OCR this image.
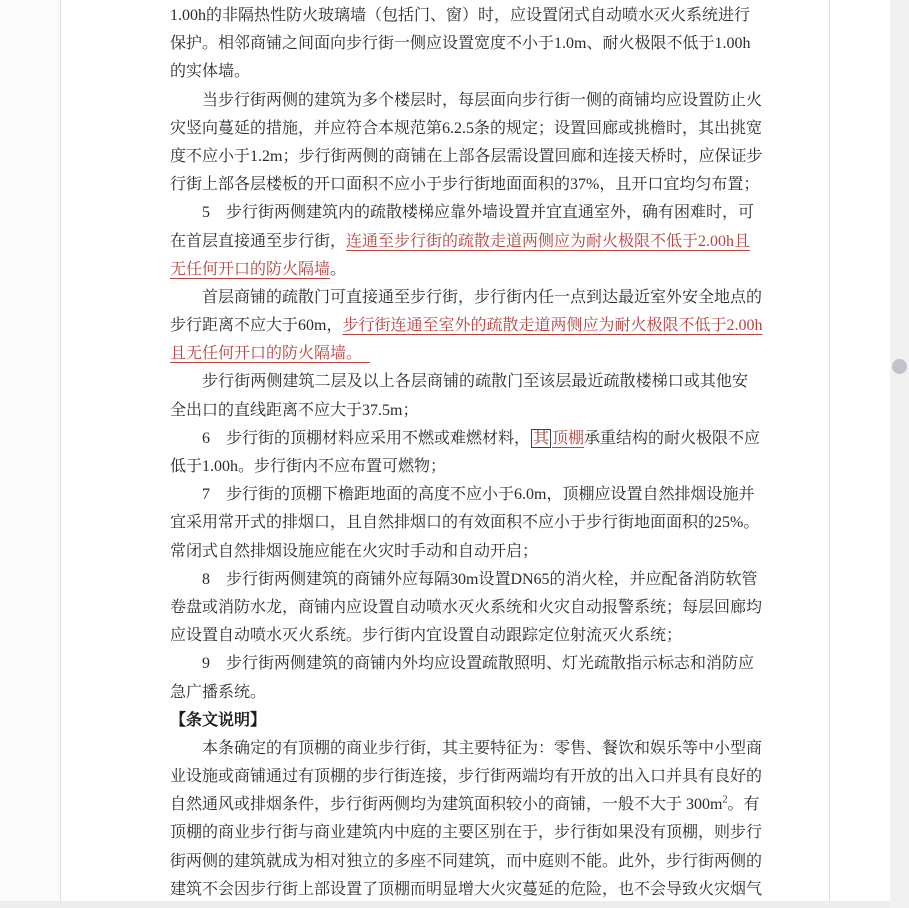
1.00h的非隔热性防火玻璃墙（包括门、窗）时，应设置闭式自动喷水灭火系统进行
保护。相邻商铺之间面向步行街一侧应设置宽度不小于1.0m、耐火极限不低于1.00h
的实体墙。
　　当步行街两侧的建筑为多个楼层时，每层面向步行街一侧的商铺均应设置防止火
灾竖向蔓延的措施，并应符合本规范第6.2.5条的规定；设置回廊或挑檐时，其出挑宽
度不应小于1.2m；步行街两侧的商铺在上部各层需设置回廊和连接天桥时，应保证步
行街上部各层楼板的开口面积不应小于步行街地面面积的37%，且开口宜均匀布置；
　　5　步行街两侧建筑内的疏散楼梯应靠外墙设置并宜直通室外，确有困难时，可
在首层直接通至步行街，连通至步行街的疏散走道两侧应为耐火极限不低于2.00h且
无任何开口的防火隔墙。
　　首层商铺的疏散门可直接通至步行街，步行街内任一点到达最近室外安全地点的
步行距离不应大于60m，步行街连通至室外的疏散走道两侧应为耐火极限不低于2.00h
且无任何开口的防火隔墙。　
　　步行街两侧建筑二层及以上各层商铺的疏散门至该层最近疏散楼梯口或其他安
全出口的直线距离不应大于37.5m；
　　6　步行街的顶棚材料应采用不燃或难燃材料， 其 顶棚承重结构的耐火极限不应
低于1.00h。步行街内不应布置可燃物；
　　7　步行街的顶棚下檐距地面的高度不应小于6.0m，顶棚应设置自然排烟设施并
宜采用常开式的排烟口，且自然排烟口的有效面积不应小于步行街地面面积的25%。
常闭式自然排烟设施应能在火灾时手动和自动开启；
　　8　步行街两侧建筑的商铺外应每隔30m设置DN65的消火栓，并应配备消防软管
卷盘或消防水龙，商铺内应设置自动喷水灭火系统和火灾自动报警系统；每层回廊均
应设置自动喷水灭火系统。步行街内宜设置自动跟踪定位射流灭火系统；
　　9　步行街两侧建筑的商铺内外均应设置疏散照明、灯光疏散指示标志和消防应
急广播系统。
【条文说明】
　　本条确定的有顶棚的商业步行街，其主要特征为：零售、餐饮和娱乐等中小型商
业设施或商铺通过有顶棚的步行街连接，步行街两端均有开放的出入口并具有良好的
自然通风或排烟条件，步行街两侧均为建筑面积较小的商铺，一般不大于 $300m^2$。有
顶棚的商业步行街与商业建筑内中庭的主要区别在于，步行街如果没有顶棚，则步行
街两侧的建筑就成为相对独立的多座不同建筑，而中庭则不能。此外，步行街两侧的
建筑不会因步行街上部设置了顶棚而明显增大火灾蔓延的危险，也不会导致火灾烟气
